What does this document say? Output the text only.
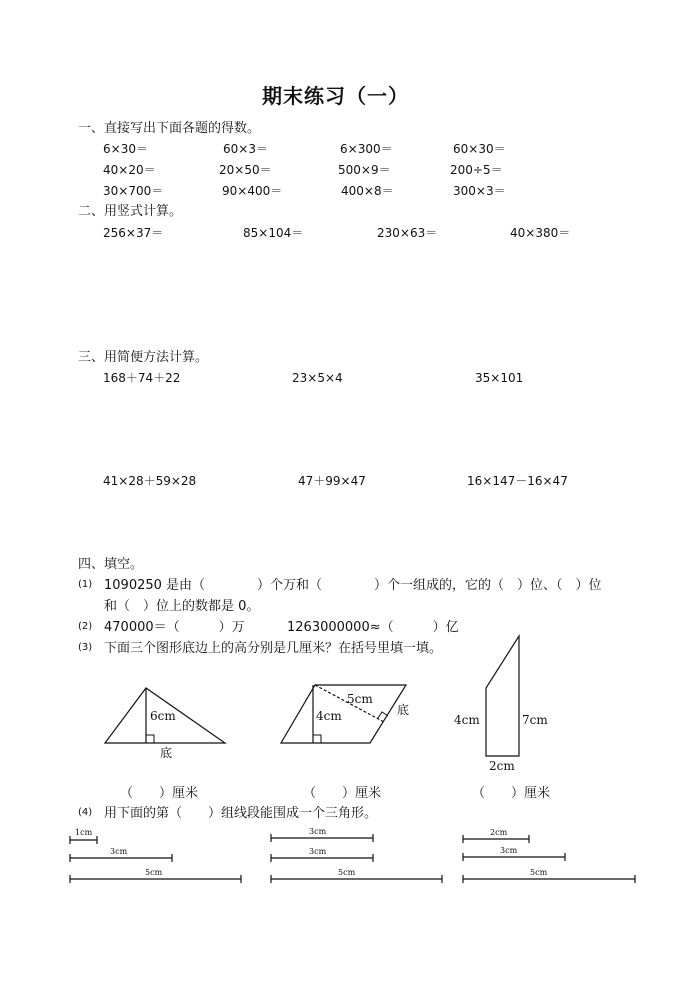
期末练习（一）
一、直接写出下面各题的得数。
6×30＝	60×3＝	6×300＝	60×30＝
40×20＝	20×50＝	500×9＝	200÷5＝
30×700＝	90×400＝	400×8＝	300×3＝
二、用竖式计算。
256×37＝	85×104＝	230×63＝	40×380＝
三、用简便方法计算。
168＋74＋22	23×5×4	35×101
41×28＋59×28	47＋99×47	16×147－16×47
四、填空。
(1) 1090250 是由（　　　　）个万和（　　　　）个一组成的，它的（　）位、（　）位
和（　）位上的数都是 0。
(2) 470000＝（　　　）万	1263000000≈（　　　）亿
(3) 下面三个图形底边上的高分别是几厘米？在括号里填一填。
6cm
底
5cm
4cm	底
4cm	7cm
2cm
（　　）厘米	（　　）厘米	（　　）厘米
(4) 用下面的第（　　）组线段能围成一个三角形。
1cm
3cm
5cm
3cm
3cm
5cm
2cm
3cm
5cm
